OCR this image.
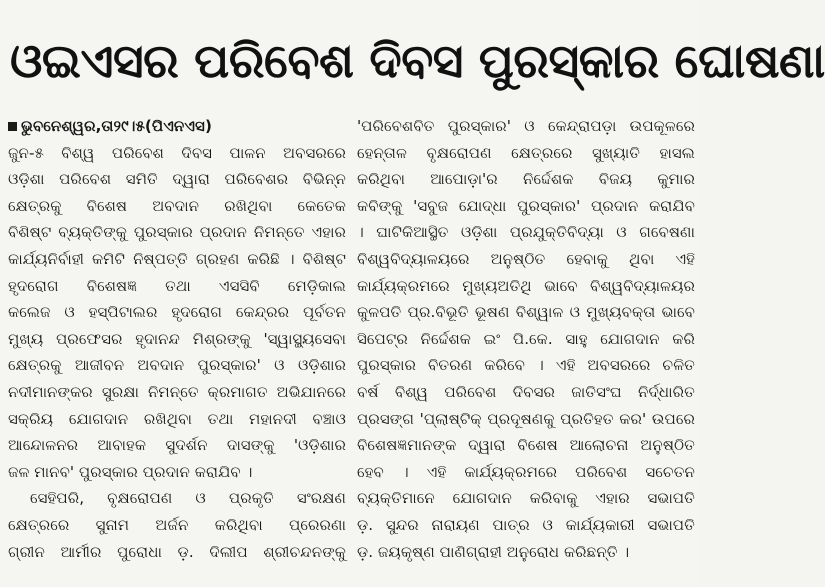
ଓଇଏସର ପରିବେଶ ଦିବସ ପୁରସ୍କାର ଘୋଷଣା
ଭୁବନେଶ୍ୱର,ତା୨୯।୫(ପିଏନଏସ)
ଜୁନ-୫ ବିଶ୍ୱ ପରିବେଶ ଦିବସ ପାଳନ ଅବସରରେ
ଓଡ଼ିଶା ପରିବେଶ ସମିତି ଦ୍ୱାରା ପରିବେଶର ବିଭିନ୍ନ
କ୍ଷେତ୍ରକୁ ବିଶେଷ ଅବଦାନ ରଖିଥିବା କେତେକ
ବିଶିଷ୍ଟ ବ୍ୟକ୍ତିଙ୍କୁ ପୁରସ୍କାର ପ୍ରଦାନ ନିମନ୍ତେ ଏହାର
କାର୍ଯ୍ୟନିର୍ବାହୀ କମିଟି ନିଷ୍ପତ୍ତି ଗ୍ରହଣ କରିଛି । ବିଶିଷ୍ଟ
ହୃଦରୋଗ ବିଶେଷଜ୍ଞ ତଥା ଏସସିବି ମେଡ଼ିକାଲ
କଲେଜ ଓ ହସ୍ପିଟାଲର ହୃଦରୋଗ କେନ୍ଦ୍ରର ପୂର୍ବତନ
ମୁଖ୍ୟ ପ୍ରଫେସର ହୃଦାନନ୍ଦ ମିଶ୍ରଙ୍କୁ 'ସ୍ୱାସ୍ଥ୍ୟସେବା
କ୍ଷେତ୍ରକୁ ଆଜୀବନ ଅବଦାନ ପୁରସ୍କାର' ଓ ଓଡ଼ିଶାର
ନଦୀମାନଙ୍କର ସୁରକ୍ଷା ନିମନ୍ତେ କ୍ରମାଗତ ଅଭିଯାନରେ
ସକ୍ରିୟ ଯୋଗଦାନ ରଖିଥିବା ତଥା ମହାନଦୀ ବଞ୍ଚାଓ
ଆନ୍ଦୋଳନର ଆବାହକ ସୁଦର୍ଶନ ଦାସଙ୍କୁ 'ଓଡ଼ିଶାର
ଜଳ ମାନବ' ପୁରସ୍କାର ପ୍ରଦାନ କରାଯିବ ।
ସେହିପରି, ବୃକ୍ଷରୋପଣ ଓ ପ୍ରକୃତି ସଂରକ୍ଷଣ
କ୍ଷେତ୍ରରେ ସୁନାମ ଅର୍ଜନ କରିଥିବା ପ୍ରେରଣା
ଗ୍ରୀନ ଆର୍ମୀର ପୁରୋଧା ଡ଼. ଦିଲୀପ ଶ୍ରୀଚନ୍ଦନଙ୍କୁ
'ପରିବେଶବିତ ପୁରସ୍କାର' ଓ କେନ୍ଦ୍ରାପଡ଼ା ଉପକୂଳରେ
ହେନ୍ତାଳ ବୃକ୍ଷରୋପଣ କ୍ଷେତ୍ରରେ ସୁଖ୍ୟାତି ହାସଲ
କରିଥିବା ଆପୋଡ଼ା'ର ନିର୍ଦ୍ଦେଶକ ବିଜୟ କୁମାର
କବିଙ୍କୁ 'ସବୁଜ ଯୋଦ୍ଧା ପୁରସ୍କାର' ପ୍ରଦାନ କରାଯିବ
। ଘାଟିକିଆସ୍ଥିତ ଓଡ଼ିଶା ପ୍ରଯୁକ୍ତିବିଦ୍ୟା ଓ ଗବେଷଣା
ବିଶ୍ୱବିଦ୍ୟାଳୟରେ ଅନୁଷ୍ଠିତ ହେବାକୁ ଥିବା ଏହି
କାର୍ଯ୍ୟକ୍ରମରେ ମୁଖ୍ୟଅତିଥି ଭାବେ ବିଶ୍ୱବିଦ୍ୟାଳୟର
କୁଳପତି ପ୍ର.ବିଭୂତି ଭୂଷଣ ବିଶ୍ୱାଳ ଓ ମୁଖ୍ୟବକ୍ତା ଭାବେ
ସିପେଟ୍ର ନିର୍ଦ୍ଦେଶକ ଇଂ ପି.କେ. ସାହୁ ଯୋଗଦାନ କରି
ପୁରସ୍କାର ବିତରଣ କରିବେ । ଏହି ଅବସରରେ ଚଳିତ
ବର୍ଷ ବିଶ୍ୱ ପରିବେଶ ଦିବସର ଜାତିସଂଘ ନିର୍ଦ୍ଧାରିତ
ପ୍ରସଙ୍ଗ 'ପ୍ଲାଷ୍ଟିକ୍ ପ୍ରଦୂଷଣକୁ ପ୍ରତିହତ କର' ଉପରେ
ବିଶେଷଜ୍ଞମାନଙ୍କ ଦ୍ୱାରା ବିଶେଷ ଆଲୋଚନା ଅନୁଷ୍ଠିତ
ହେବ । ଏହି କାର୍ଯ୍ୟକ୍ରମରେ ପରିବେଶ ସଚେତନ
ବ୍ୟକ୍ତିମାନେ ଯୋଗଦାନ କରିବାକୁ ଏହାର ସଭାପତି
ଡ଼. ସୁନ୍ଦର ନାରାୟଣ ପାତ୍ର ଓ କାର୍ଯ୍ୟକାରୀ ସଭାପତି
ଡ଼. ଜୟକୃଷ୍ଣ ପାଣିଗ୍ରାହୀ ଅନୁରୋଧ କରିଛନ୍ତି ।
